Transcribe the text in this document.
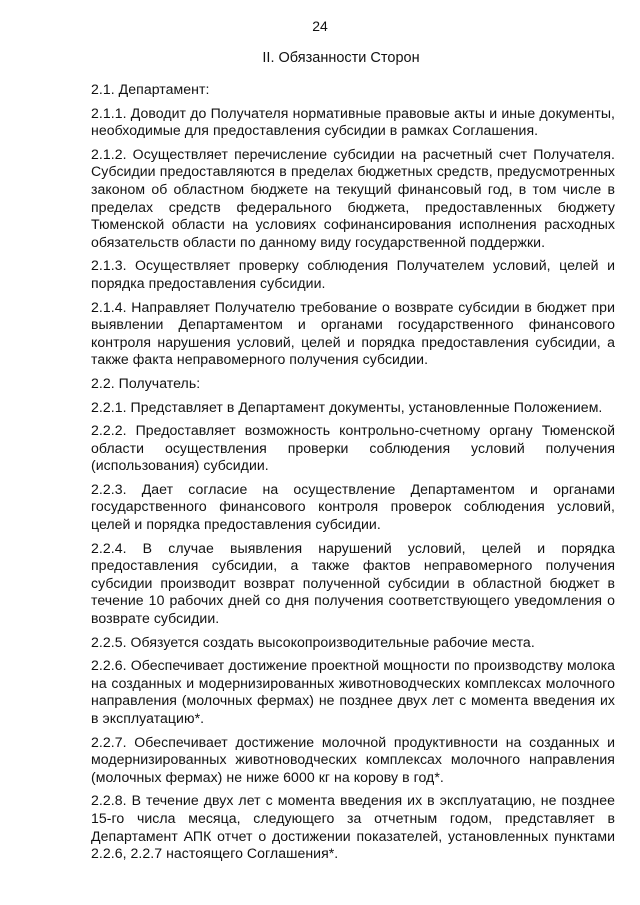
24
II. Обязанности Сторон

2.1. Департамент:

2.1.1. Доводит до Получателя нормативные правовые акты и иные документы, необходимые для предоставления субсидии в рамках Соглашения.

2.1.2. Осуществляет перечисление субсидии на расчетный счет Получателя. Субсидии предоставляются в пределах бюджетных средств, предусмотренных законом об областном бюджете на текущий финансовый год, в том числе в пределах средств федерального бюджета, предоставленных бюджету Тюменской области на условиях софинансирования исполнения расходных обязательств области по данному виду государственной поддержки.

2.1.3. Осуществляет проверку соблюдения Получателем условий, целей и порядка предоставления субсидии.

2.1.4. Направляет Получателю требование о возврате субсидии в бюджет при выявлении Департаментом и органами государственного финансового контроля нарушения условий, целей и порядка предоставления субсидии, а также факта неправомерного получения субсидии.

2.2. Получатель:

2.2.1. Представляет в Департамент документы, установленные Положением.

2.2.2. Предоставляет возможность контрольно-счетному органу Тюменской области осуществления проверки соблюдения условий получения (использования) субсидии.

2.2.3. Дает согласие на осуществление Департаментом и органами государственного финансового контроля проверок соблюдения условий, целей и порядка предоставления субсидии.

2.2.4. В случае выявления нарушений условий, целей и порядка предоставления субсидии, а также фактов неправомерного получения субсидии производит возврат полученной субсидии в областной бюджет в течение 10 рабочих дней со дня получения соответствующего уведомления о возврате субсидии.

2.2.5. Обязуется создать высокопроизводительные рабочие места.

2.2.6. Обеспечивает достижение проектной мощности по производству молока на созданных и модернизированных животноводческих комплексах молочного направления (молочных фермах) не позднее двух лет с момента введения их в эксплуатацию*.

2.2.7. Обеспечивает достижение молочной продуктивности на созданных и модернизированных животноводческих комплексах молочного направления (молочных фермах) не ниже 6000 кг на корову в год*.

2.2.8. В течение двух лет с момента введения их в эксплуатацию, не позднее 15-го числа месяца, следующего за отчетным годом, представляет в Департамент АПК отчет о достижении показателей, установленных пунктами 2.2.6, 2.2.7 настоящего Соглашения*.
